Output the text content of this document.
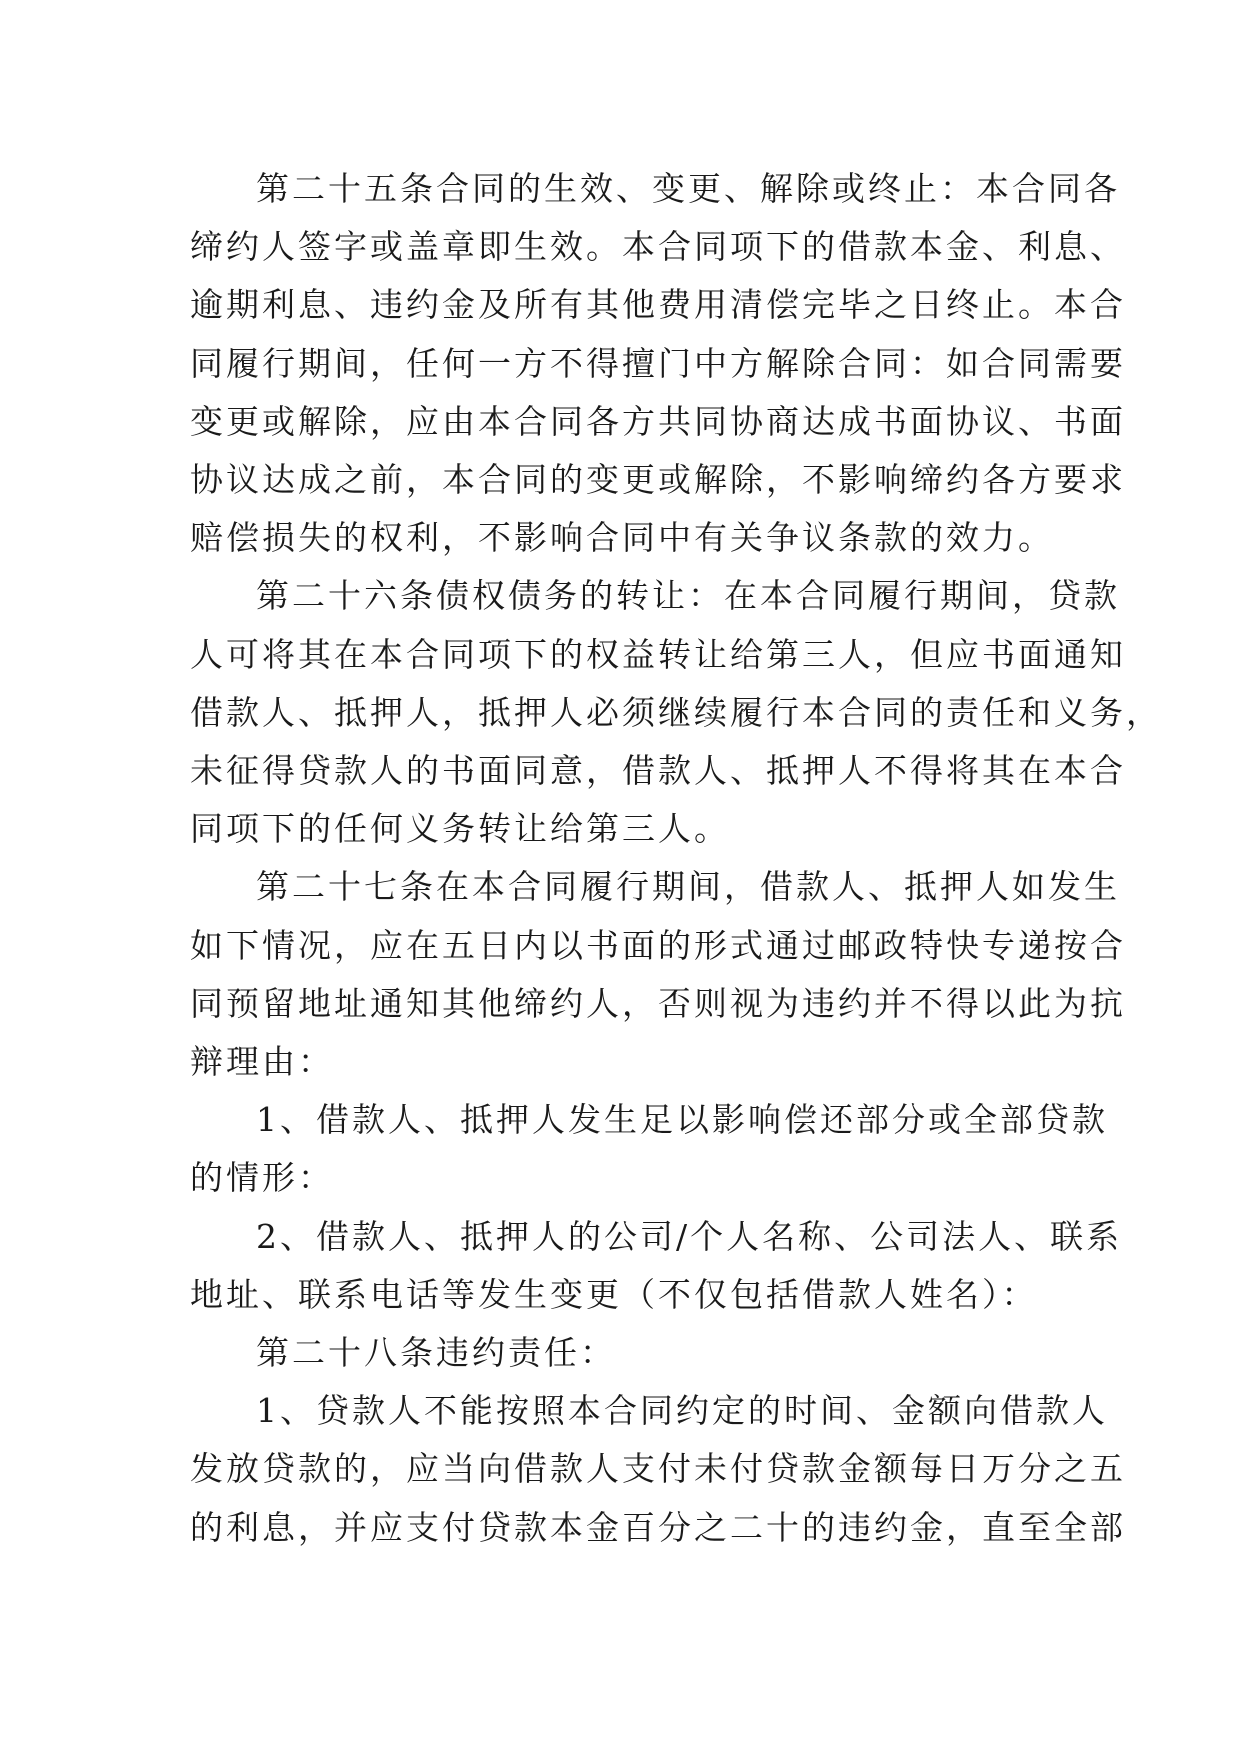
第二十五条合同的生效、变更、解除或终止：本合同各
缔约人签字或盖章即生效。本合同项下的借款本金、利息、
逾期利息、违约金及所有其他费用清偿完毕之日终止。本合
同履行期间，任何一方不得擅门中方解除合同：如合同需要
变更或解除，应由本合同各方共同协商达成书面协议、书面
协议达成之前，本合同的变更或解除，不影响缔约各方要求
赔偿损失的权利，不影响合同中有关争议条款的效力。
第二十六条债权债务的转让：在本合同履行期间，贷款
人可将其在本合同项下的权益转让给第三人，但应书面通知
借款人、抵押人，抵押人必须继续履行本合同的责任和义务，
未征得贷款人的书面同意，借款人、抵押人不得将其在本合
同项下的任何义务转让给第三人。
第二十七条在本合同履行期间，借款人、抵押人如发生
如下情况，应在五日内以书面的形式通过邮政特快专递按合
同预留地址通知其他缔约人，否则视为违约并不得以此为抗
辩理由：
1、借款人、抵押人发生足以影响偿还部分或全部贷款
的情形：
2、借款人、抵押人的公司/个人名称、公司法人、联系
地址、联系电话等发生变更（不仅包括借款人姓名）：
第二十八条违约责任：
1、贷款人不能按照本合同约定的时间、金额向借款人
发放贷款的，应当向借款人支付未付贷款金额每日万分之五
的利息，并应支付贷款本金百分之二十的违约金，直至全部
